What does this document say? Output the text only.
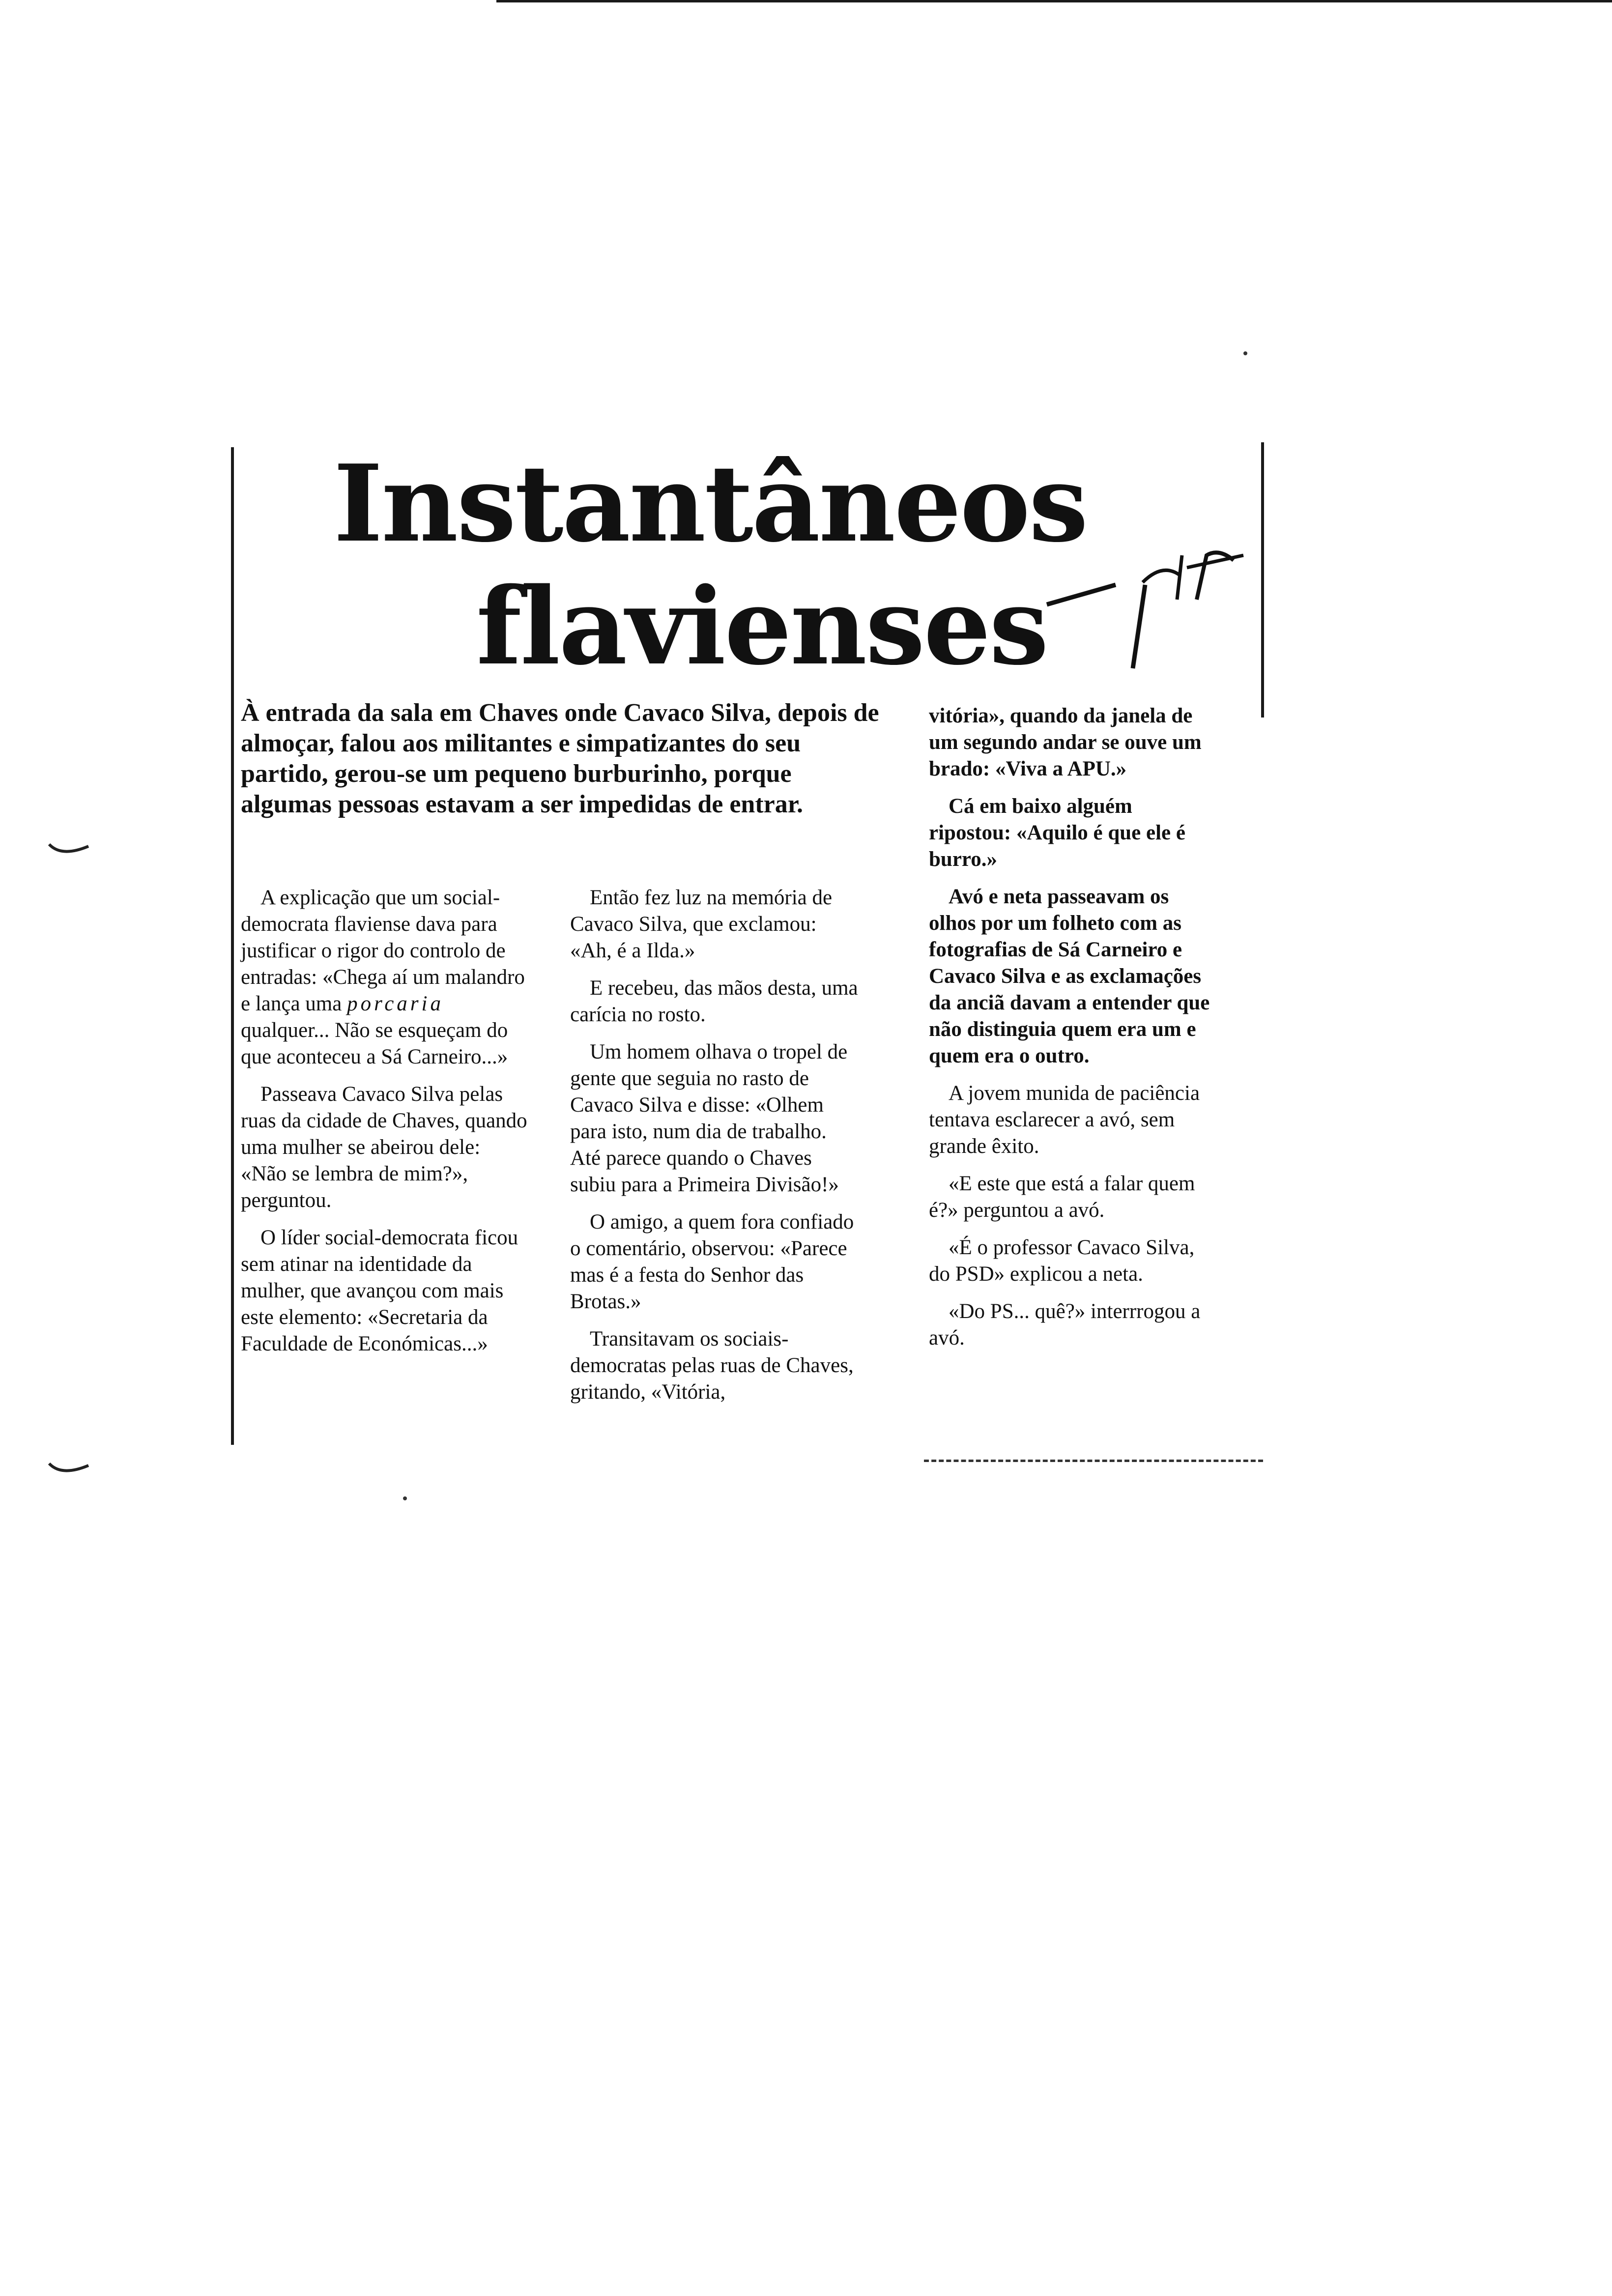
Instantâneos
flavienses

À entrada da sala em Chaves onde Cavaco Silva, depois de almoçar, falou aos militantes e simpatizantes do seu partido, gerou-se um pequeno burburinho, porque algumas pessoas estavam a ser impedidas de entrar.

A explicação que um social-democrata flaviense dava para justificar o rigor do controlo de entradas: «Chega aí um malandro e lança uma porcaria qualquer... Não se esqueçam do que aconteceu a Sá Carneiro...»

Passeava Cavaco Silva pelas ruas da cidade de Chaves, quando uma mulher se abeirou dele: «Não se lembra de mim?», perguntou.

O líder social-democrata ficou sem atinar na identidade da mulher, que avançou com mais este elemento: «Secretaria da Faculdade de Económicas...»

Então fez luz na memória de Cavaco Silva, que exclamou: «Ah, é a Ilda.»

E recebeu, das mãos desta, uma carícia no rosto.

Um homem olhava o tropel de gente que seguia no rasto de Cavaco Silva e disse: «Olhem para isto, num dia de trabalho. Até parece quando o Chaves subiu para a Primeira Divisão!»

O amigo, a quem fora confiado o comentário, observou: «Parece mas é a festa do Senhor das Brotas.»

Transitavam os sociais-democratas pelas ruas de Chaves, gritando, «Vitória,

vitória», quando da janela de um segundo andar se ouve um brado: «Viva a APU.»

Cá em baixo alguém ripostou: «Aquilo é que ele é burro.»

Avó e neta passeavam os olhos por um folheto com as fotografias de Sá Carneiro e Cavaco Silva e as exclamações da anciã davam a entender que não distinguia quem era um e quem era o outro.

A jovem munida de paciência tentava esclarecer a avó, sem grande êxito.

«E este que está a falar quem é?» perguntou a avó.

«É o professor Cavaco Silva, do PSD» explicou a neta.

«Do PS... quê?» interrrogou a avó.
